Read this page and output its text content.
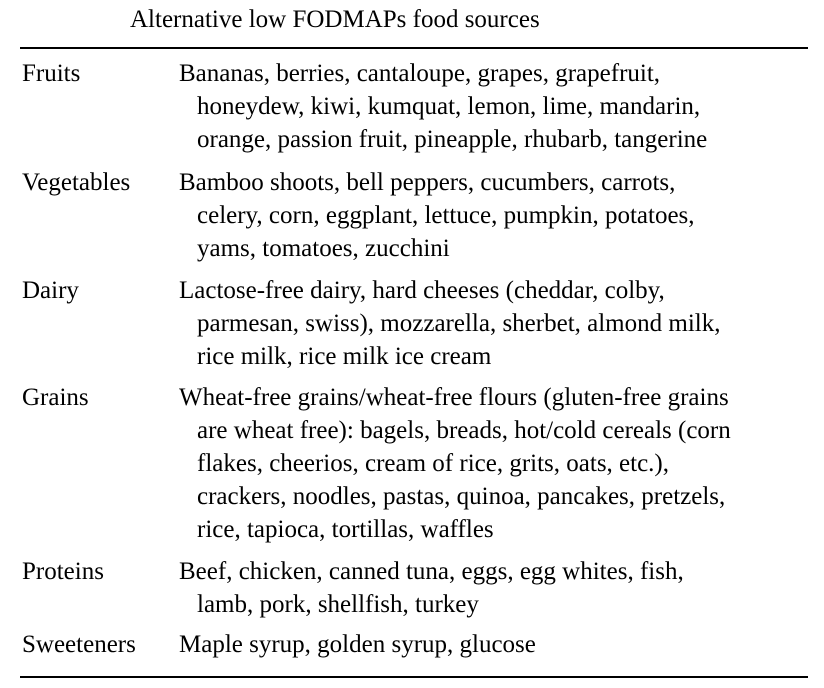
Alternative low FODMAPs food sources
Fruits	Bananas, berries, cantaloupe, grapes, grapefruit,
honeydew, kiwi, kumquat, lemon, lime, mandarin,
orange, passion fruit, pineapple, rhubarb, tangerine
Vegetables Bamboo shoots, bell peppers, cucumbers, carrots,
celery, corn, eggplant, lettuce, pumpkin, potatoes,
yams, tomatoes, zucchini
Dairy	Lactose-free dairy, hard cheeses (cheddar, colby,
parmesan, swiss), mozzarella, sherbet, almond milk,
rice milk, rice milk ice cream
Grains	Wheat-free grains/wheat-free flours (gluten-free grains
are wheat free): bagels, breads, hot/cold cereals (corn
flakes, cheerios, cream of rice, grits, oats, etc.),
crackers, noodles, pastas, quinoa, pancakes, pretzels,
rice, tapioca, tortillas, waffles
Proteins	Beef, chicken, canned tuna, eggs, egg whites, fish,
lamb, pork, shellfish, turkey
Sweeteners Maple syrup, golden syrup, glucose
